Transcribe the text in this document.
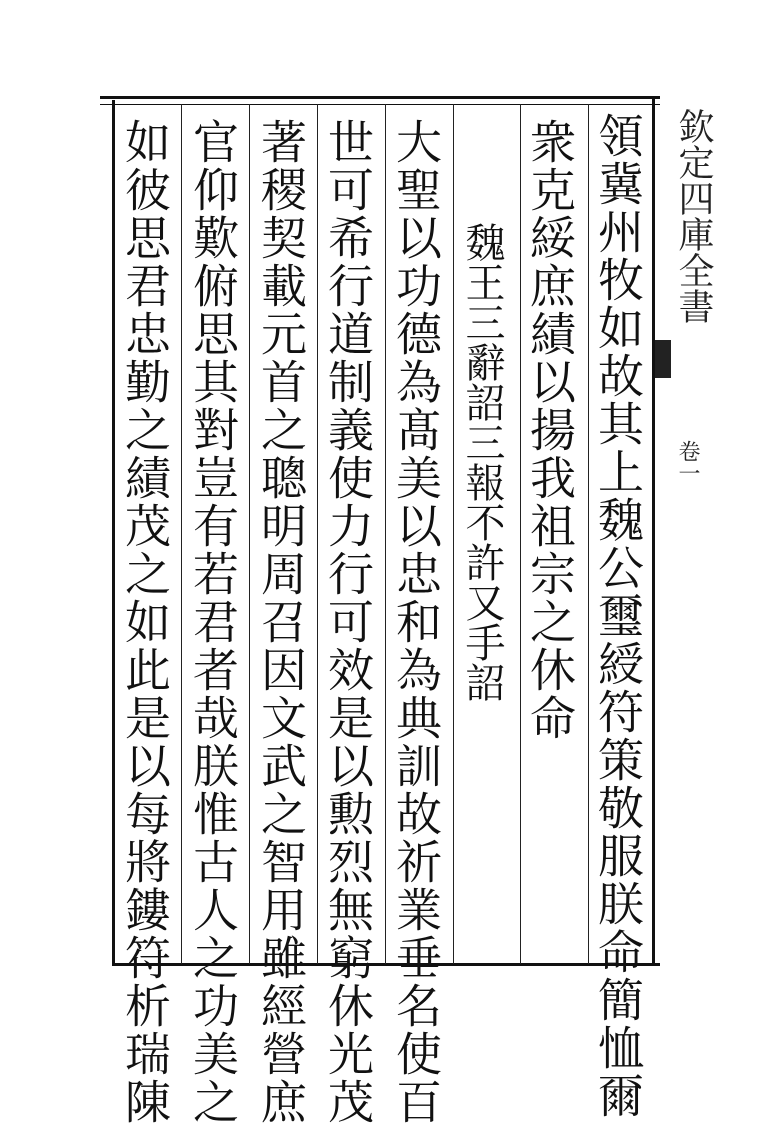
領冀州牧如故其上魏公璽綬符策敬服朕命簡恤爾
衆克綏庶績以揚我祖宗之休命
魏王三辭詔三報不許又手詔
大聖以功德為髙美以忠和為典訓故祈業垂名使百
世可希行道制義使力行可效是以勲烈無窮休光茂
著稷契載元首之聰明周召因文武之智用雖經營庶
官仰歎俯思其對豈有若君者哉朕惟古人之功美之
如彼思君忠勤之績茂之如此是以每將鏤符析瑞陳	欽定四庫全書
卷一
